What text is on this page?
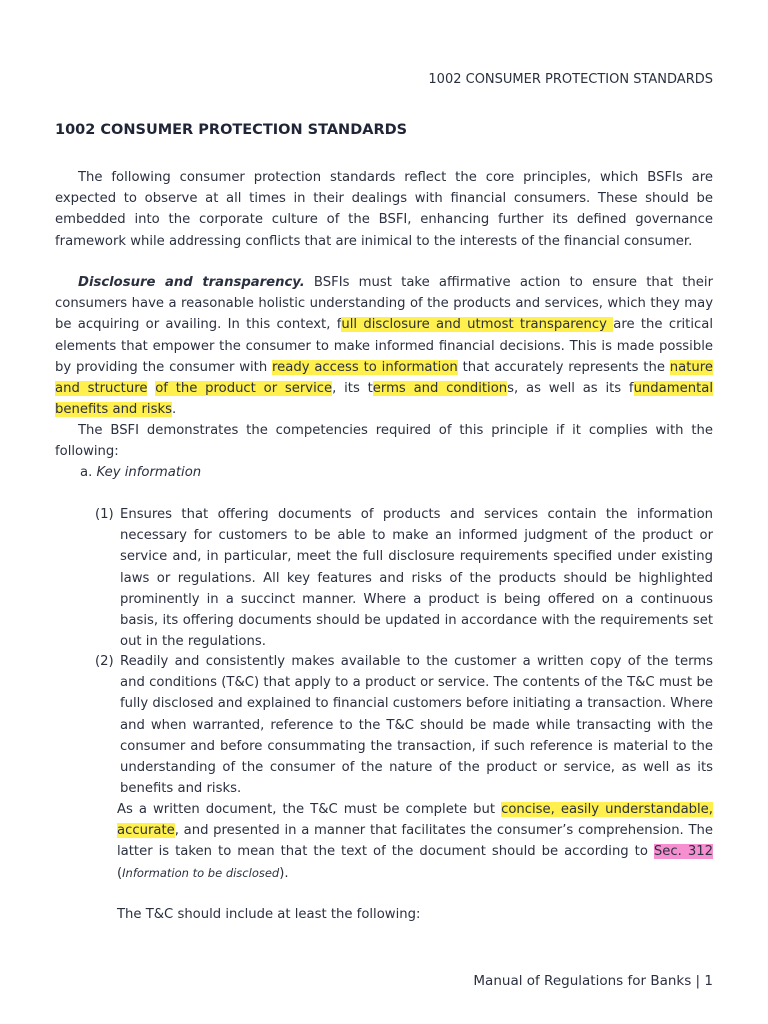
1002 CONSUMER PROTECTION STANDARDS
1002 CONSUMER PROTECTION STANDARDS

The following consumer protection standards reflect the core principles, which BSFIs are expected to observe at all times in their dealings with financial consumers. These should be embedded into the corporate culture of the BSFI, enhancing further its defined governance framework while addressing conflicts that are inimical to the interests of the financial consumer.

Disclosure and transparency. BSFIs must take affirmative action to ensure that their consumers have a reasonable holistic understanding of the products and services, which they may be acquiring or availing. In this context, full disclosure and utmost transparency are the critical elements that empower the consumer to make informed financial decisions. This is made possible by providing the consumer with ready access to information that accurately represents the nature and structure of the product or service, its terms and conditions, as well as its fundamental benefits and risks.

The BSFI demonstrates the competencies required of this principle if it complies with the following:

a. Key information

(1) Ensures that offering documents of products and services contain the information necessary for customers to be able to make an informed judgment of the product or service and, in particular, meet the full disclosure requirements specified under existing laws or regulations. All key features and risks of the products should be highlighted prominently in a succinct manner. Where a product is being offered on a continuous basis, its offering documents should be updated in accordance with the requirements set out in the regulations.
(2) Readily and consistently makes available to the customer a written copy of the terms and conditions (T&C) that apply to a product or service. The contents of the T&C must be fully disclosed and explained to financial customers before initiating a transaction. Where and when warranted, reference to the T&C should be made while transacting with the consumer and before consummating the transaction, if such reference is material to the understanding of the consumer of the nature of the product or service, as well as its benefits and risks.

As a written document, the T&C must be complete but concise, easily understandable, accurate, and presented in a manner that facilitates the consumer’s comprehension. The latter is taken to mean that the text of the document should be according to Sec. 312 (Information to be disclosed).

The T&C should include at least the following:

Manual of Regulations for Banks | 1
